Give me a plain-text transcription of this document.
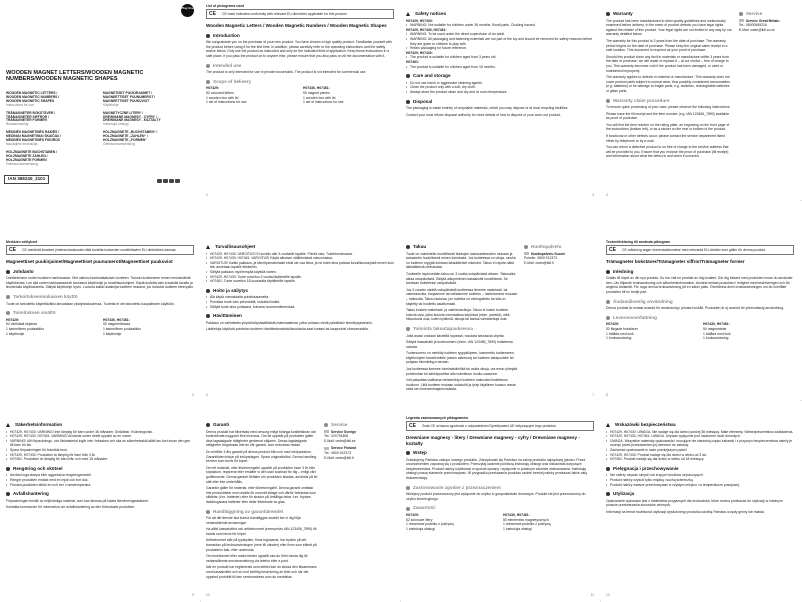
Play tive
WOODEN MAGNET LETTERS/WOODEN MAGNETIC NUMBERS/WOODEN MAGNETIC SHAPES
WOODEN MAGNETIC LETTERS /
WOODEN MAGNETIC NUMBERS /
WOODEN MAGNETIC SHAPES
Instructions for use
MAGNETISET PUUKIRJAIMET /
MAGNEETTISET PUUNUMEROT /
MAGNEETTISET PUUKUVIOT
Käyttöohje
TRÄMAGNETER BOKSTÄVER /
TRÄMAGNETER SIFFROR /
TRÄMAGNETER FORMER
Bruksanvisning
MAGNETYCZNE LITERY /
DREWNIANE MAGNESY - CYFRY /
DREWNIANE MAGNESY - KSZTAŁTY
Instrukcja obsługi
MEDINĖS MAGNETINĖS RAIDĖS /
MEDINIAI MAGNETINIAI SKAIČIAI /
MEDINĖS MAGNETINĖS FIGŪROS
Naudojimo instrukcija
HOLZMAGNETE „BUCHSTABEN“ /
HOLZMAGNETE „ZAHLEN“ /
HOLZMAGNETE „FORMEN“
Gebrauchsanweisung
HOLZMAGNETE BUCHSTABEN /
HOLZMAGNETE ZAHLEN /
HOLZMAGNETE FORMEN
Gebrauchsanweisung
IAN 368245_2101
List of pictograms used
CE	CE mark indicates conformity with relevant EU directives applicable for this product.
Wooden Magnetic Letters / Wooden Magnetic Numbers / Wooden Magnetic Shapes
Introduction

We congratulate you on the purchase of your new product. You have chosen a high quality product. Familiarise yourself with the product before using it for the first time. In addition, please carefully refer to the operating instructions and the safety advice below. Only use the product as instructed and only for the indicated field of application. Keep these instructions in a safe place. If you pass the product on to anyone else, please ensure that you also pass on all the documentation with it.

Intended use

The product is only intended for use in private households. The product is not intended for commercial use.

Scope of delivery
H07429:
52 coloured letters
1 wooden box with lid
1 set of instructions for use
H07430, H07461:
50 magnet pieces
1 wooden box with lid
1 set of instructions for use
2
Safety notices
H07429, H07430:
• WARNING: Not suitable for children under 36 months. Small parts. Choking hazard.
H07429, H07430, H07461:
• WARNING: To be used under the direct supervision of an adult.
• WARNING: All packaging and fastening materials are not part of the toy and should be removed for safety reasons before they are given to children to play with.
• Retain packaging for future reference.
H07429, H07430:
• The product is suitable for children aged from 3 years old.
H07461:
• The product is suitable for children aged from 18 months.
Care and storage
• Do not use harsh or aggressive cleaning agents.
• Clean the product only with a soft, dry cloth.
• Always store the product clean and dry and at room temperature.
Disposal

The packaging is made entirely of recyclable materials, which you may dispose of at local recycling facilities.

Contact your local refuse disposal authority for more details of how to dispose of your worn-out product.

3
Warranty

The product has been manufactured to strict quality guidelines and meticulously examined before delivery. In the event of product defects you have legal rights against the retailer of this product. Your legal rights are not limited in any way by our warranty detailed below.

The warranty for this product is 3 years from the date of purchase. The warranty period begins on the date of purchase. Please keep the original sales receipt in a safe location. This document is required as your proof of purchase.

Should this product show any fault in materials or manufacture within 3 years from the date of purchase, we will repair or replace it – at our choice – free of charge to you. This warranty becomes void if the product has been damaged, or used or maintained improperly.

The warranty applies to defects in material or manufacture. This warranty does not cover product parts subject to normal wear, thus possibly considered consumables (e.g. batteries) or for damage to fragile parts, e.g. switches, rechargeable batteries or glass parts.

Warranty claim procedure

To ensure quick processing of your case, please observe the following instructions:

Please have the till receipt and the item number (e.g. IAN 123456_7890) available as proof of purchase.

You will find the item number on the rating plate, an engraving on the front page of the instructions (bottom left), or as a sticker on the rear or bottom of the product.

If functional or other defects occur, please contact the service department listed either by telephone or by e-mail.

You can return a defective product to us free of charge to the service address that will be provided to you. Ensure that you enclose the proof of purchase (till receipt) and information about what the defect is and when it occurred.

Service
Service Great Britain
Tel.: 08000569216
E-Mail: owim@lidl.co.uk
4
Merkkien selitykset
CE	CE-merkintä ilmaisee yhdenmukaisuuden tätä tuotetta koskevien sovellettavien EU-direktiivien kanssa.
Magneettiset puukirjaimet/Magneettiset puunumerot/Magneettiset puukuviot
Johdanto

Onnittelemme uuden tuotteen hankinnasta. Olet valinnut korkealaatuisen tuotteen. Tutustu tuotteeseen ennen ensimmäistä käyttökertaa. Lue sitä varten tarkkaavaisesti seuraava käyttöohje ja turvallisuusohjeet. Käytä tuotetta vain kuvatulla tavalla ja ilmoitetulla käyttöalueella. Säilytä käyttöohje hyvin. Luovuta kaikki asiakirjat tuotteen mukana, jos luovutat tuotteen eteenpäin.

Tarkoituksenmukainen käyttö

Tuote on tarkoitettu käytettäväksi ainoastaan yksityistaloudessa. Tuotetta ei ole tarkoitettu kaupalliseen käyttöön.

Toimituksen sisältö
H07429:
52 värikästä kirjainta
1 kannellinen puulaatikko
1 käyttöohje
H07430, H07461:
50 magneettiosaa
1 kannellinen puulaatikko
1 käyttöohje
5
Turvallisuusohjeet
• H07429, H07430: VAROITUS! Ei sovellu alle 3-vuotiaille lapsille. Pieniä osia. Tukehtumisvaara.
• H07429, H07430, H07461: VAROITUS! Käytä aikuisen välittömässä valvonnassa.
• VAROITUS! Kaikki pakkaus- ja kiinnitysmateriaalit eivät ole osa lelua, ja ne tulee aina poistaa turvallisuussyistä ennen kuin lelu annetaan lapsille leikkeihin.
• Säilytä pakkaus myöhempää käyttöä varten.
• H07429, H07430: Tuote soveltuu 3 vuotta täyttäneille lapsille.
• H07461: Tuote soveltuu 18 kuukautta täyttäneille lapsille.
Hoito ja säilytys
• Älä käytä voimakkaita puhdistusaineita.
• Puhdista tuote vain pehmeällä, kuivalla liinalla.
• Säilytä tuote aina puhtaana, kuivana huoneenlämmössä.
Hävittäminen

Pakkaus on valmistettu ympäristöystävällisistä materiaaleista, jotka voidaan viedä paikallisiin kierrätyspisteisiin.

Lisätietoja käytöstä poistetun tuotteen hävittämismahdollisuuksista saat kuntasi tai kaupunkisi viranomaisilta.

6
Takuu

Tuote on valmistettu huolellisesti tiukkojen laatuvaatimusten mukaan ja tarkastettu huolellisesti ennen toimitusta. Jos tuotteessa on vikoja, sinulla on tuotteen myyjää kohtaan lakisääteiset oikeudet. Takuu ei rajoita näitä lakisääteisiä oikeuksiasi.

Tuotteelle myönnetään takuu on 3 vuotta ostopäivästä alkaen. Takuuaika alkaa ostopäivästä. Säilytä alkuperäinen kassakuitti huolellisesti. Se tarvitaan todisteeksi ostopäivästä.

Jos 3 vuoden sisällä ostopäivästä tuotteessa ilmenee materiaali- tai valmistusvika, korjaamme tai vaihdamme tuotteen – harkintamme mukaan – maksutta. Takuu raukeaa, jos tuotetta on vahingoitettu tai sitä on käytetty tai huollettu asiattomasti.

Takuu koskee materiaali- ja valmistusvikoja. Takuu ei koske tuotteen kuluvia osia, jotka kuluvat normaalissa käytössä (esim. paristot), eikä rikkoutuvia osia, kuten kytkimiä, akkuja tai lasista valmistettuja osia.

Toiminta takuutapauksessa

Jotta asiasi voidaan käsitellä nopeasti, noudata seuraavia ohjeita:

Säilytä kassakuitti ja tuotenumero (esim. IAN 123456_7890) todisteena ostosta.

Tuotenumero on merkitty tuotteen tyyppikilpeen, kaiverrettu tuotteeseen, käyttöohjeen kansilehdelle (vasen alareuna) tai tuotteen takapuolelle tai pohjaan kiinnitettyyn tarraan.

Jos tuotteessa ilmenee toimintahäiriöitä tai muita vikoja, ota ensin yhteyttä puhelimitse tai sähköpostitse alla mainittuun huolto-osastoon.

Voit palauttaa viallisena rekisteröidyn tuotteen maksutta ilmoitettuun huoltoon. Liitä tuotteen mukaan ostokuitti ja lyhyt kirjallinen kuvaus viasta sekä sen ilmenemisajankohdasta.

Huoltopalvelu
Huoltopalvelu Suomi
Puhelin: 0800 912373
E-Mail: owim@lidl.fi
7
Teckenförklaring till använda piktogram
CE	CE-märkning anger överensstämmelse med relevanta EU-direktiv som gäller för denna produkt.
Trämagneter bokstäver/Trämagneter siffror/Trämagneter former
Inledning

Grattis till köpet av din nya produkt. Du har valt en produkt av hög kvalitet. Gör dig bekant med produkten innan du använder den. Läs följande bruksanvisning och säkerhetsinformation. Använd endast produkten i enlighet med beskrivningen och för angivna ändamål. För noga denna bruksanvisning på en säker plats. Överlämna även bruksanvisningen om du överlåter produkten till en tredje part.

Ändamålsenlig användning

Denna produkt är endast avsedd för användning i privata hushåll. Produkten är ej avsedd för yrkesmässig användning.

Leveransomfattning
H07429:
52 färgade bokstäver
1 trälåda med lock
1 bruksanvisning
H07430, H07461:
50 magnetdelar
1 trälåda med lock
1 bruksanvisning
8
Säkerhetsinformation
• H07429, H07430: VARNING! Inte lämplig för barn under 36 månader. Smådelar. Kvävningsrisk.
• H07429, H07430, H07461: VARNING! Används under direkt uppsikt av en vuxen.
• VARNING! Allt förpacknings- och fästmaterial ingår inte i leksaken och ska av säkerhetsskäl alltid tas bort innan den ges till barn för lek.
• Spara förpackningen för framtida bruk.
• H07429, H07430: Produkten är lämplig för barn från 3 år.
• H07461: Produkten är lämplig för barn från och med 18 månader.
Rengöring och skötsel
• Använd inga skarpa eller aggressiva rengöringsmedel.
• Rengör produkten endast med en mjuk och torr duk.
• Förvara produkten alltid ren och torr i rumstemperatur.
Avfallshantering

Förpackningen består av miljövänliga material, som kan lämnas på lokala återvinningsstationer.

Kontakta kommunen för information om avfallshantering av den förbrukade produkten.

9
Garanti

Denna produkt har tillverkats med omsorg enligt stränga kvalitetskrav och kontrollerats noggrant före leverans. Om fel uppstår på produkten gäller dina lagstadgade rättigheter gentemot säljaren. Dessa lagstadgade rättigheter begränsas inte av vår garanti, som redovisas nedan.

Du erhåller 3 års garanti på denna produkt från och med inköpsdatum. Garantitiden börjar på inköpsdagen. Spara originalkvittot. Denna handling behövs som bevis för köpet.

Om ett material- eller tillverkningsfel uppstår på produkten inom 3 år från köpdatum, reparerar eller ersätter vi den utan kostnad för dig – enligt vårt gottfinnande. Denna garanti förfaller om produkten skadas, används på fel sätt eller inte underhålls.

Garantin gäller för material- eller tillverkningsfel. Denna garanti omfattar inte produktdelar som utsätts för normalt slitage och därför betraktas som slitdelar (t.ex. batterier) eller för skador på ömtåliga delar, t.ex. brytare, laddningsbara batterier eller delar tillverkade av glas.

Handläggning av garantiärendet

För att ditt ärende ska kunna handläggas snabbt ber vi dig följa nedanstående anvisningar:

Ha alltid kassakvittot och artikelnumret (exempelvis IAN 123456_7890) till hands som bevis för köpet.

Artikelnumret står på typskylten, finns ingraverat, har tryckts på det framsidan på bruksanvisningen (nere till vänster) eller finns som etikett på produktens bak- eller undersida.

Om funktionsfel eller andra brister uppstår ska du först vända dig till nedanstående serviceavdelning via telefon eller e-post.

När en produkt har registrerats som defekt kan du skicka den tillsammans med kassakvittot och en kort skriftlig beskrivning av felet och när det uppstod portofritt till den serviceadress som du meddelas.

Service
Service Sverige
Tel.: 020791808
E-Mail: owim@lidl.se
Service Finland
Tel.: 0800 912373
E-Mail: owim@lidl.fi
10
Legenda zastosowanych piktogramów
CE	Znak CE oznacza zgodność z odpowiednimi Dyrektywami UE dotyczącymi tego produktu.
Drewniane magnesy - litery / Drewniane magnesy - cyfry / Drewniane magnesy - kształty
Wstęp

Gratulujemy Państwu zakupu nowego produktu. Zdecydowali się Państwo na zakup produktu najwyższej jakości. Przed uruchomieniem zapoznaj się z produktem. Przeczytaj uważnie poniższą instrukcję obsługi oraz wskazówki dotyczące bezpieczeństwa. Produkt należy użytkować w sposób opisany i wyłącznie w podanym zakresie zastosowania. Instrukcję obsługi proszę starannie przechowywać. W przypadku przekazania produktu osobie trzeciej należy przekazać także całą dokumentację.

Zastosowanie zgodne z przeznaczeniem

Niniejszy produkt przeznaczony jest wyłącznie do użytku w gospodarstwie domowym. Produkt nie jest przeznaczony do użytku komercyjnego.

Zawartość
H07429:
52 kolorowe litery
1 drewniane pudełko z pokrywą
1 instrukcja obsługi
H07430, H07461:
50 elementów magnetycznych
1 drewniane pudełko z pokrywą
1 instrukcja obsługi
11
Wskazówki bezpieczeństwa
• H07429, H07430: UWAGA. Nie nadaje się dla dzieci poniżej 36 miesięcy. Małe elementy. Niebezpieczeństwo zadławienia.
• H07429, H07430, H07461: UWAGA. Używać wyłącznie pod nadzorem osób dorosłych.
• UWAGA. Wszystkie materiały opakowania i mocujące nie stanowią części zabawki i z przyczyn bezpieczeństwa należy je usunąć przed przekazaniem jej dzieciom do zabawy.
• Zachować opakowanie w razie późniejszych pytań!
• H07429, H07430: Produkt nadaje się dla dzieci w wieku od 3 lat.
• H07461: Produkt nadaje się dla dzieci w wieku od 18 miesięcy.
Pielęgnacja i przechowywanie
• Nie należy używać silnych lub żrących środków czyszczących.
• Produkt należy czyścić tylko miękką i suchą ściereczką.
• Produkt należy zawsze przechowywać w czystym miejscu i w temperaturze pokojowej.
Utylizacja

Opakowanie wykonane jest z materiałów przyjaznych dla środowiska, które można przekazać do utylizacji w lokalnym punkcie przetwarzania surowców wtórnych.

Informacji na temat możliwości utylizacji wysłużonego produktu udzielą Państwu urzędy gminy lub miasta.

12
